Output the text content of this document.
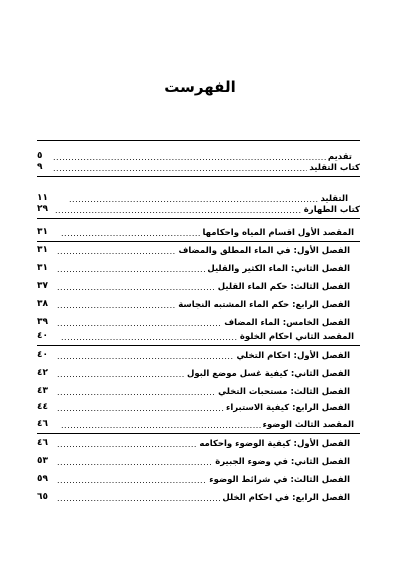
الفهرست
تقديم
.....
٥
كتاب التقليد
.....
٩
التقليد
.....
١١
كتاب الطهارة
.....
٢٩
المقصد الأول اقسام المياه واحكامها
.....
٣١
الفصل الأول: في الماء المطلق والمضاف
.....
٣١
الفصل الثاني: الماء الكثير والقليل
.....
٣١
الفصل الثالث: حكم الماء القليل
.....
٣٧
الفصل الرابع: حكم الماء المشتبه النجاسة
.....
٣٨
الفصل الخامس: الماء المضاف
.....
٣٩
المقصد الثاني احكام الخلوة
.....
٤٠
الفصل الأول: احكام التخلي
.....
٤٠
الفصل الثاني: كيفية غسل موضع البول
.....
٤٢
الفصل الثالث: مستحبات التخلي
.....
٤٣
الفصل الرابع: كيفية الاستبراء
.....
٤٤
المقصد الثالث الوضوء
.....
٤٦
الفصل الأول: كيفية الوضوء واحكامه
.....
٤٦
الفصل الثاني: في وضوء الجبيرة
.....
٥٣
الفصل الثالث: في شرائط الوضوء
.....
٥٩
الفصل الرابع: في احكام الخلل
.....
٦٥
